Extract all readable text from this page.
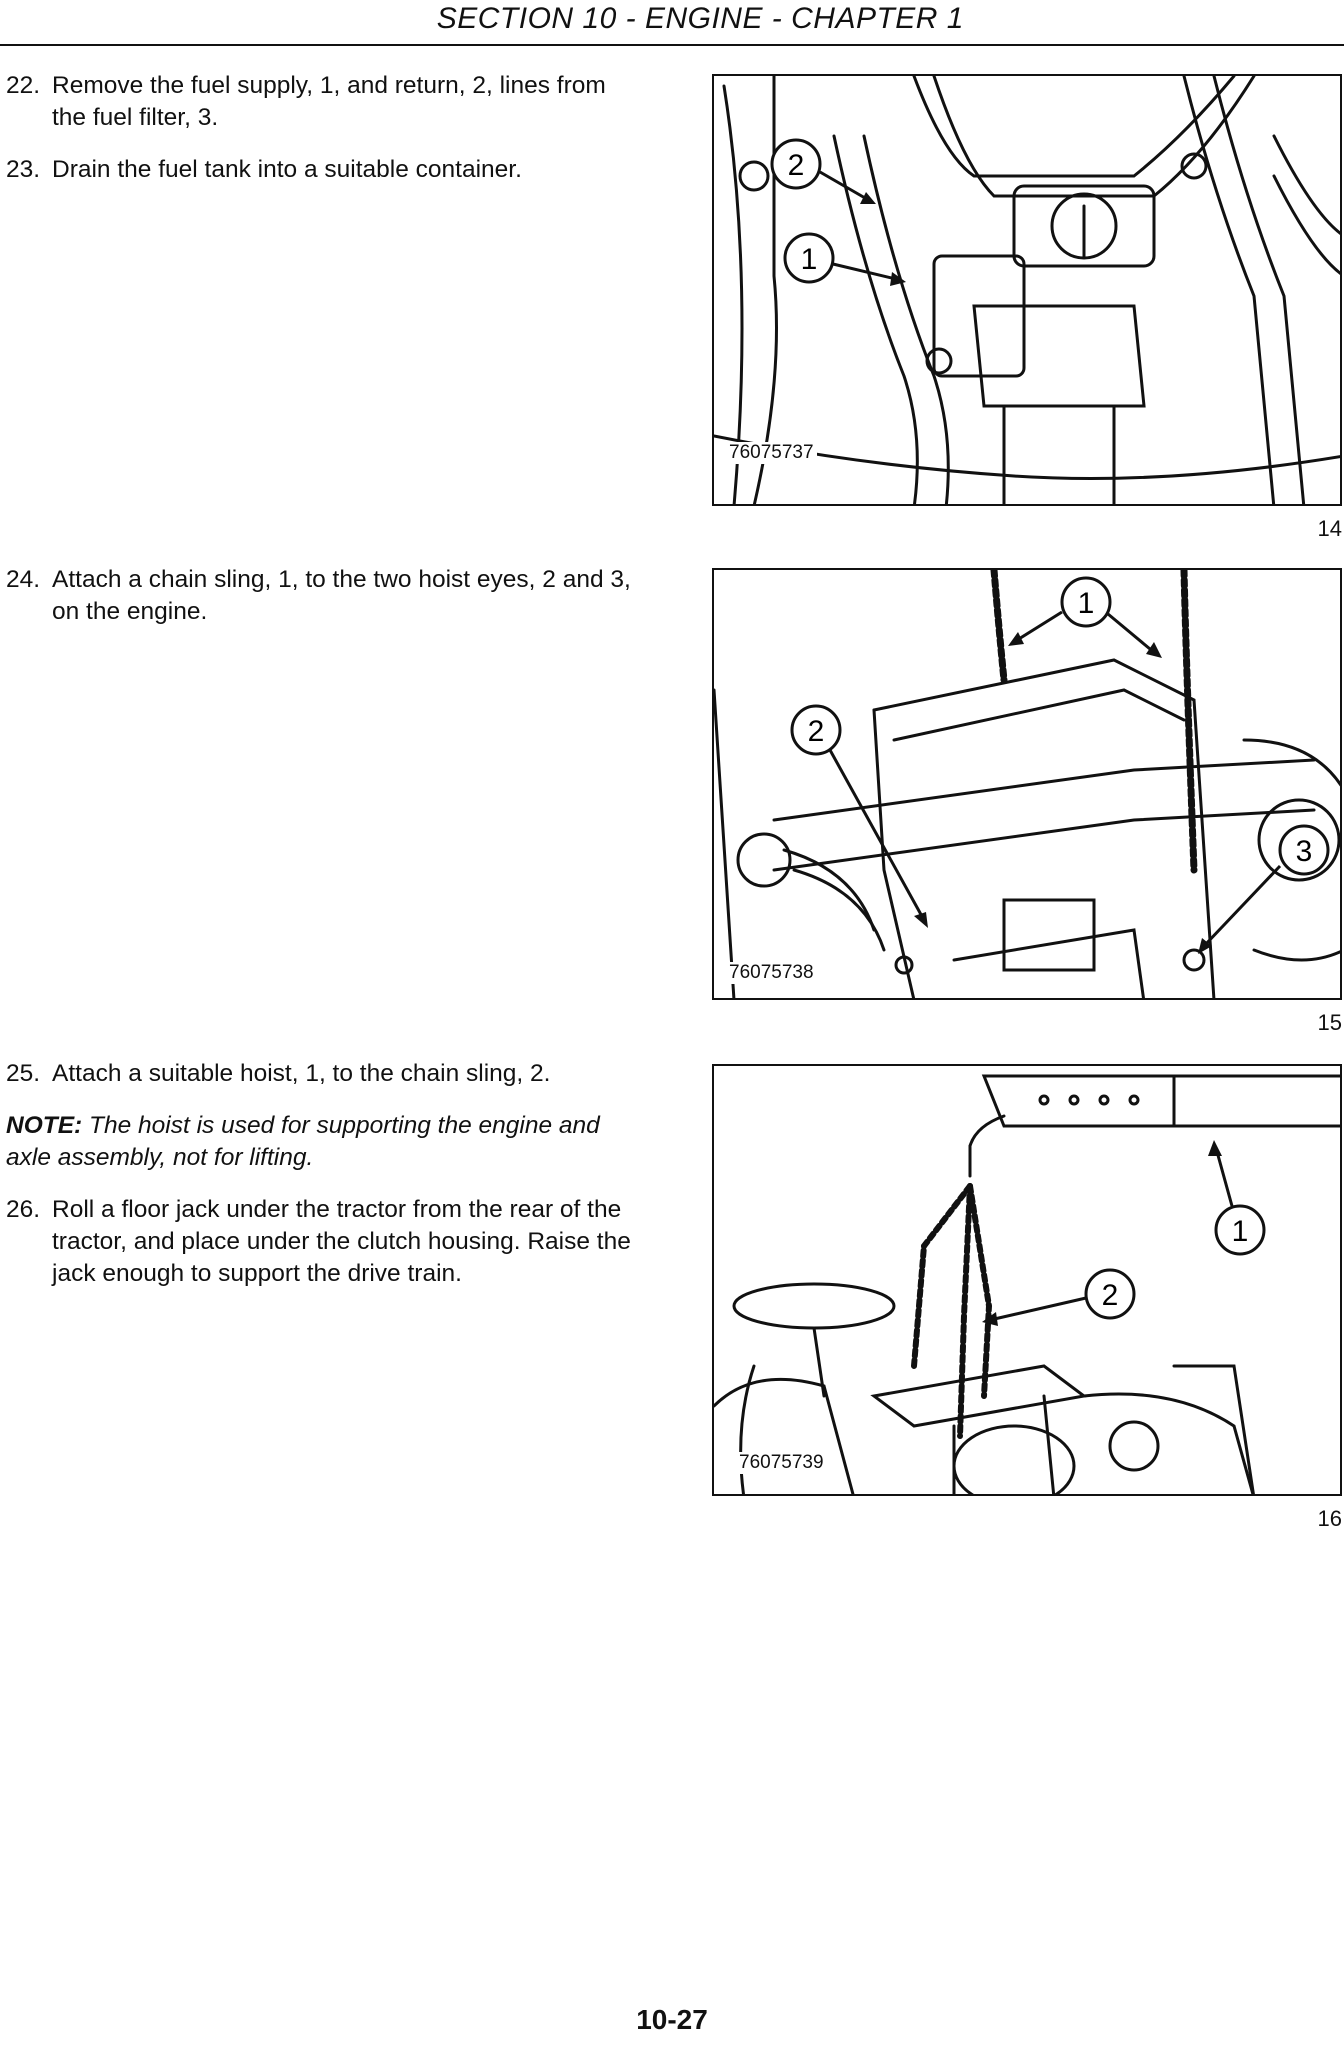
SECTION 10 - ENGINE - CHAPTER 1
22. Remove the fuel supply, 1, and return, 2, lines from the fuel filter, 3.
23. Drain the fuel tank into a suitable container.	2
1
76075737
14
24. Attach a chain sling, 1, to the two hoist eyes, 2 and 3, on the engine.	1
2
3
76075738
15
25. Attach a suitable hoist, 1, to the chain sling, 2.
NOTE: The hoist is used for supporting the engine and axle assembly, not for lifting.
26. Roll a floor jack under the tractor from the rear of the tractor, and place under the clutch housing. Raise the jack enough to support the drive train.
1
2
76075739
16
10-27
